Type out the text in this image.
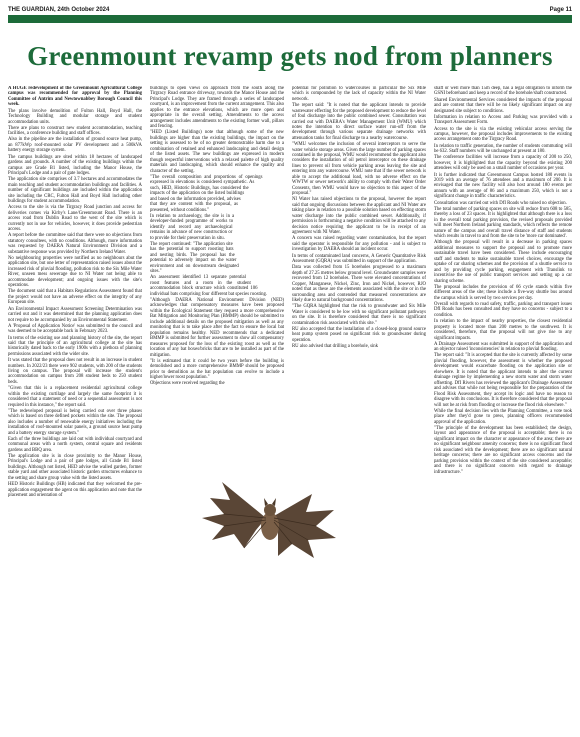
THE GUARDIAN, 24th October 2024	Page 11
Greenmount revamp gets nod from planners

A HUGE redevelopment of the Greenmount Agricultural College campus was recommended for approval by the Planning Committee of Antrim and Newtownabbey Borough Council this week.

The plans involve demolition of Fulton Hall, Boyd Hall, the Technology Building and modular storage and student accommodation units.

There are plans to construct new student accommodation, teaching facilities, a conference building and staff offices.

Also in the pipeline are the installation of ground source heat pump, an 877kWp roof-mounted solar PV development and a 500kVA battery energy storage system.

The campus buildings are sited within 18 hectares of landscaped gardens and grounds. A number of the existing buildings within the campus are Grade B1 listed, including the Manor House, the Principal's Lodge and a pair of gate lodges.

The application site comprises of 3.7 hectares and accommodates the main teaching and student accommodation buildings and facilities. A number of significant buildings are included within the application site including the CRC, Fulton Hall and Boyd Hall including other buildings for student accommodation.

Access to the site is via the Tirgracy Road junction and access for deliveries comes via Kirby's Lane/Greenmount Road. There is an access road from Dublin Road to the west of the site which is currently not in use for vehicles, however, it does provide pedestrian access.

A report before the committee said that there were no objections from statutory consultees, with no conditions. Although, more information was requested by DAERA Natural Environment Division and a substantive response was provided by Northern Ireland Water.

No neighbouring properties were notified as no neighbours abut the application site, but one letter of representation raised issues about the increased risk of pluvial flooding, pollution risk to the Six Mile Water River, unseen mess sewerage due to NI Water not being able to accommodate development; and ongoing issues with the site's operations.

The document said that a Habitats Regulations Assessment found that the project would not have an adverse effect on the integrity of any European site.

An Environmental Impact Assessment Screening Determination was carried out and it was determined that the planning application does not require to be accompanied by an Environmental Statement.

A 'Proposal of Application Notice' was submitted to the council and was deemed to be acceptable back in February 2023.

In terms of the existing use and planning history of the site, the report said that the principle of an agricultural college at the site has historically dated back to the early 1900s with a plethora of planning permissions associated with the wider site.

It was stated that the proposal does not result in an increase in student numbers. In 2022/23 there were 902 students, with 200 of the students living on campus. The proposal will increase the student's accommodation on campus from 208 student beds to 250 student beds.

"Given that this is a replacement residential agricultural college within the existing curtilage and largely the same footprint it is considered that a statement of need or a sequential assessment is not required in this instance," the report said.

"The redeveloped proposal is being carried out over three phases which is based on three defined pockets within the site. The proposal also includes a number of renewable energy initiatives including the installation of roof-mounted solar panels, a ground source heat pump and a battery energy storage system."

Each of the three buildings are laid out with individual courtyard and communal areas with a north system, central square and residents gardens and BBQ area.

The application site is in close proximity to the Manor House, Principal's Lodge and a pair of gate lodges, all Grade B1 listed buildings. Although not listed, HED advise the walled garden, former stable yard and other associated historic garden structures enhance to the setting and share group value with the listed assets.

HED Historic Buildings (HB) indicated that they welcomed the pre-application engagement the agent on this application and note that the placement and orientation of

buildings to open views on approach from the south along the Tirgracy Road entrance driveway, towards the Manor House and the Principal's Lodge. They are framed through a series of landscaped courtyard, is an improvement from the current arrangement. This also applies to the entrance elevations, which are more open and appropriate in the overall setting. Amendments to the access arrangement includes amendments to the existing former wall, pillars and fencing.

"HED (Listed Buildings) note that although some of the new buildings are higher than the existing buildings, the impact on the setting is assessed to be of no greater demonstrable harm due to a combination of retained and enhanced landscaping and detail design of the listed assets. The new buildings are expressed in modern though respectful interventions with a relaxed palette of high quality materials and landscaping, which should enhance the quality and character of the setting.

"The overall composition and proportions of openings expressed in elevations is considered sympathetic. As such, HED, Historic Buildings, has considered the impacts of the application on the listed buildings and based on the information provided, advises that they are content with the proposal, as presented, without conditions."

In relation to archaeology, the site is in a developer-funded programme of works to identify and record any archaeological remains in advance of new construction or to provide for their preservation in situ.

The report continued: "The application site has the potential to support roosting bats and nesting birds. The proposal has the potential to adversely impact on the water environment and on downstream designated sites."

An assessment identified 13 separate potential roost features and a room in the student accommodation block structure which constituted 106 individual bats comprising four different bat species roosting.

"Although DAERA National Environment Division (NED) acknowledges that compensatory measures have been proposed within the Ecological Statement they request a more comprehensive Bat Mitigation and Monitoring Plan (BMMP) should be submitted to include additional details on the proposed mitigation as well as any monitoring that is to take place after the fact to ensure the local bat population remains healthy. NED recommends that a dedicated BMMP is submitted for further assessment to show all compensatory measures proposed for the loss of the existing roost as well as the location of any bat boxes/bricks that are to be installed as part of the mitigation.

"It is estimated that it could be two years before the building is demolished and a more comprehensive BMMP should be proposed prior to demolition as the bat population can evolve to include a higher/lower roost population."

Objections were received regarding the

potential for pollution to watercourses in particular the Six Mile which is compounded by the lack of capacity within the NI Water network.

The report said: "It is noted that the applicant intends to provide wastewater effecting for the proposed development to reduce the level of foul discharge into the public combined sewer. Consultation was carried out with DAERA's Water Management Unit (WMU) which notes the intention to direct surface water run-off from the development through various separate drainage networks with attenuation tanks for final discharge to a nearby watercourse.

"WMU welcomes the inclusion of several interceptors to serve the water vehicle storage areas. Given the large number of parking spaces contained in the proposal, WMU would recommend the applicant also considers the installation of oil petrol interceptor on these drainage lines to prevent oil from vehicle parking areas leaving the site and entering into any watercourse. WMU note that if the sewer network is able to accept the additional load, with no adverse effect on the WWTW or sewer network's ability to comply with their Water Order Consents, then WMU would have no objection to this aspect of the proposal."

NI Water has raised objections to the proposal, however the report said that ongoing discussions between the applicant and NI Water are taking place in relation to a possible solution based on effecting storm water discharge into the public combined sewer. Additionally, if permission is forthcoming a negative condition will be attached to any decision notice requiring the applicant to be in receipt of an agreement with NI Water.

A concern was raised regarding water contamination, but the report said the operator is responsible for any pollution - and is subject to investigation by DAERA should an incident occur.

In terms of contaminated land concerns, A Generic Quantitative Risk Assessment (GQRA) was submitted in support of the application.

Data was collected from 15 boreholes progressed to a maximum depth of 27.25 metres below ground level. Groundwater samples were recovered from 12 boreholes. There were elevated concentrations of Copper, Manganese, Nickel, Zinc, Iron and Nickel, however, RJO noted that as these are the elements associated with the site or in the surrounding area and contended that measured concentrations are likely due to natural background concentrations.

"The GQRA highlighted that the risk to groundwater and Six Mile Water is considered to be low with no significant pollutant pathways on the site. It is therefore considered that there is no significant contamination risk associated with this site."

RU also accepted that the installation of a closed-loop ground source heat pump system posed no significant risk to groundwater during operation.

RU also advised that drilling a borehole, sink

shaft or well more than 15m deep, has a legal obligation to inform the GSNI beforehand and keep a record of the borehole/shaft constructed.

Shared Environmental Services considered the impacts of the proposal and are content that there will be no likely significant impact on any designated site subject to conditions.

Information in relation to Access and Parking was provided with a Transport Assessment Form.

Access to the site is via the existing vehicular access serving the campus, however, the proposal includes improvements to the existing access arrangement onto the Tirgracy Road.

In relation to traffic generation, the number of students commuting will be 632. Staff numbers will be unchanged at present at 180.

The conference facilities will increase from a capacity of 200 to 250, however, it is highlighted that the capacity beyond the existing 200 attendees will only be used on a small number of occasions per year.

It is further indicated that Greenmount Campus hosted 180 events in 2019 with an average of 76 attendees and a maximum of 200. It is envisaged that the new facility will also host around 180 events per annum with an average of 86 and a maximum 250, which is not a significant change in traffic characteristics.

Consultation was carried out with DfI Roads who raised no objection.

The total number of parking spaces on site will reduce from 608 to 585, thereby a loss of 23 spaces. It is highlighted that although there is a loss in the overall total parking provision, the revised proposals provided will meet Northern Ireland parking standards, which reflects the remote nature of the campus and overall travel distance of staff and students which results in travel to and from the site to be 'more car dominated'.

Although the proposal will result in a decrease in parking spaces additional measures to support the proposal and to promote more sustainable travel have been considered. These include encouraging staff and students to make sustainable travel choices, encourage the uptake of car sharing schemes and the provision of a shuttle service to and by providing cycle parking, engagement with Translink to incentivise the use of public transport services and setting up a car sharing scheme.

The proposal includes the provision of 66 cycle stands within five different areas of the site; these include a five-way shuttle bus around the campus which is served by two services per day.

Overall with regards to road safety, traffic, parking and transport issues DfI Roads has been consulted and they have no concerns - subject to a condition.

In relation to the impact of nearby properties, the closest residential property is located more than 200 metres to the southwest. It is considered, therefore, that the proposal will not give rise to any significant impacts.

A Drainage Assessment was submitted in support of the application and an objector raised 'inconsistencies' in relation to pluvial flooding.

The report said: "It is accepted that the site is currently affected by some pluvial flooding, however, the assessment is whether the proposed development would exacerbate flooding on the application site or elsewhere. It is noted that the applicant intends to alter the current drainage regime by implementing a new storm water and storm water offsetting. DfI Rivers has reviewed the applicant's Drainage Assessment and advises that while not being responsible for the preparation of the Flood Risk Assessment, they accept its logic and have no reason to disagree with its conclusions. It is therefore considered that the proposal will not be at risk from flooding or increase the flood risk elsewhere."

While the final decision lies with the Planning Committee, a vote took place after they'd gone to press, planning officers recommended approval of the application.

"The principle of the development has been established; the design, layout and appearance of the proposal is acceptable; there is no significant impact on the character or appearance of the area; there are no significant neighbour amenity concerns; there is no significant flood risk associated with the development; there are no significant natural heritage concerns; there are no significant access concerns and the parking provision within the context of the site considered acceptable; and there is no significant concern with regard to drainage infrastructure."
